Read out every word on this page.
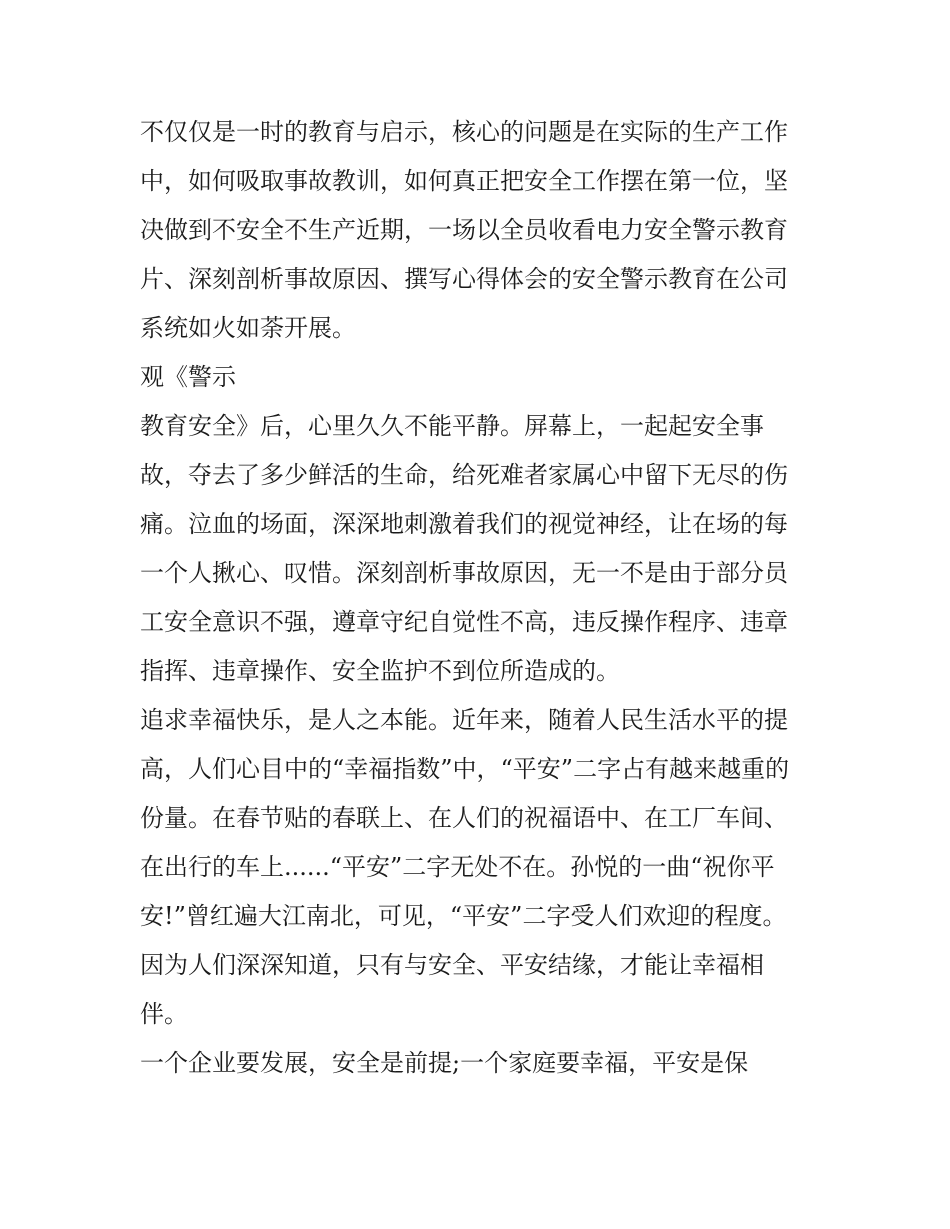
不仅仅是一时的教育与启示，核心的问题是在实际的生产工作
中，如何吸取事故教训，如何真正把安全工作摆在第一位，坚
决做到不安全不生产近期，一场以全员收看电力安全警示教育
片、深刻剖析事故原因、撰写心得体会的安全警示教育在公司
系统如火如荼开展。
观《警示
教育安全》后，心里久久不能平静。屏幕上，一起起安全事
故，夺去了多少鲜活的生命，给死难者家属心中留下无尽的伤
痛。泣血的场面，深深地刺激着我们的视觉神经，让在场的每
一个人揪心、叹惜。深刻剖析事故原因，无一不是由于部分员
工安全意识不强，遵章守纪自觉性不高，违反操作程序、违章
指挥、违章操作、安全监护不到位所造成的。
追求幸福快乐，是人之本能。近年来，随着人民生活水平的提
高，人们心目中的“幸福指数”中，“平安”二字占有越来越重的
份量。在春节贴的春联上、在人们的祝福语中、在工厂车间、
在出行的车上......“平安”二字无处不在。孙悦的一曲“祝你平
安!”曾红遍大江南北，可见，“平安”二字受人们欢迎的程度。
因为人们深深知道，只有与安全、平安结缘，才能让幸福相
伴。
一个企业要发展，安全是前提;一个家庭要幸福，平安是保
